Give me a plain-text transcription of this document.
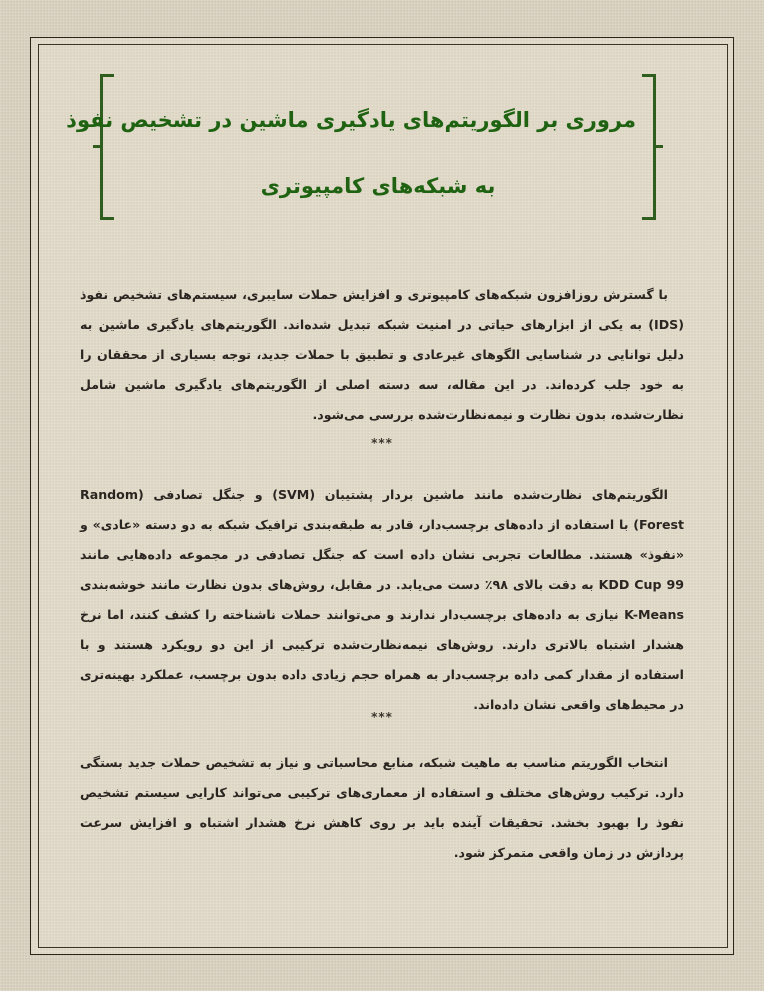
مروری بر الگوریتم‌های یادگیری ماشین در تشخیص نفوذ
به شبکه‌های کامپیوتری

با گسترش روزافزون شبکه‌های کامپیوتری و افزایش حملات سایبری، سیستم‌های تشخیص نفوذ (IDS) به یکی از ابزارهای حیاتی در امنیت شبکه تبدیل شده‌اند. الگوریتم‌های یادگیری ماشین به دلیل توانایی در شناسایی الگوهای غیرعادی و تطبیق با حملات جدید، توجه بسیاری از محققان را به خود جلب کرده‌اند. در این مقاله، سه دسته اصلی از الگوریتم‌های یادگیری ماشین شامل نظارت‌شده، بدون نظارت و نیمه‌نظارت‌شده بررسی می‌شود.

***

الگوریتم‌های نظارت‌شده مانند ماشین بردار پشتیبان (SVM) و جنگل تصادفی (Random Forest) با استفاده از داده‌های برچسب‌دار، قادر به طبقه‌بندی ترافیک شبکه به دو دسته «عادی» و «نفوذ» هستند. مطالعات تجربی نشان داده است که جنگل تصادفی در مجموعه داده‌هایی مانند KDD Cup 99 به دقت بالای ۹۸٪ دست می‌یابد. در مقابل، روش‌های بدون نظارت مانند خوشه‌بندی K-Means نیازی به داده‌های برچسب‌دار ندارند و می‌توانند حملات ناشناخته را کشف کنند، اما نرخ هشدار اشتباه بالاتری دارند. روش‌های نیمه‌نظارت‌شده ترکیبی از این دو رویکرد هستند و با استفاده از مقدار کمی داده برچسب‌دار به همراه حجم زیادی داده بدون برچسب، عملکرد بهینه‌تری در محیط‌های واقعی نشان داده‌اند.

***

انتخاب الگوریتم مناسب به ماهیت شبکه، منابع محاسباتی و نیاز به تشخیص حملات جدید بستگی دارد. ترکیب روش‌های مختلف و استفاده از معماری‌های ترکیبی می‌تواند کارایی سیستم تشخیص نفوذ را بهبود بخشد. تحقیقات آینده باید بر روی کاهش نرخ هشدار اشتباه و افزایش سرعت پردازش در زمان واقعی متمرکز شود.
